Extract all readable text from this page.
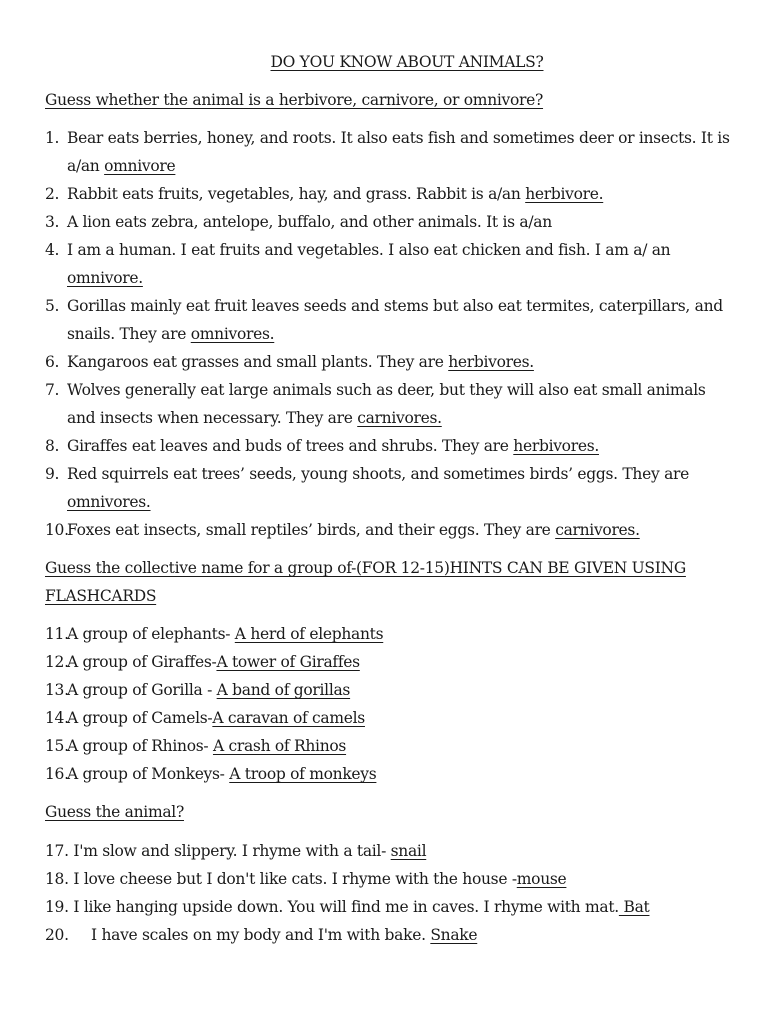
DO YOU KNOW ABOUT ANIMALS?
Guess whether the animal is a herbivore, carnivore, or omnivore?
1. Bear eats berries, honey, and roots. It also eats fish and sometimes deer or insects. It is a/an omnivore
2. Rabbit eats fruits, vegetables, hay, and grass. Rabbit is a/an herbivore.
3. A lion eats zebra, antelope, buffalo, and other animals. It is a/an
4. I am a human. I eat fruits and vegetables. I also eat chicken and fish. I am a/ an omnivore.
5. Gorillas mainly eat fruit leaves seeds and stems but also eat termites, caterpillars, and snails. They are omnivores.
6. Kangaroos eat grasses and small plants. They are herbivores.
7. Wolves generally eat large animals such as deer, but they will also eat small animals and insects when necessary. They are carnivores.
8. Giraffes eat leaves and buds of trees and shrubs. They are herbivores.
9. Red squirrels eat trees’ seeds, young shoots, and sometimes birds’ eggs. They are omnivores.
10.
Foxes eat insects, small reptiles’ birds, and their eggs. They are carnivores.
Guess the collective name for a group of-(FOR 12-15)HINTS CAN BE GIVEN USING FLASHCARDS
11.A group of elephants- A herd of elephants
12.A group of Giraffes-A tower of Giraffes
13.A group of Gorilla - A band of gorillas
14.A group of Camels-A caravan of camels
15.A group of Rhinos- A crash of Rhinos
16.A group of Monkeys- A troop of monkeys
Guess the animal?
17. I'm slow and slippery. I rhyme with a tail- snail
18. I love cheese but I don't like cats. I rhyme with the house -mouse
19. I like hanging upside down. You will find me in caves. I rhyme with mat. Bat
20. I have scales on my body and I'm with bake. Snake
